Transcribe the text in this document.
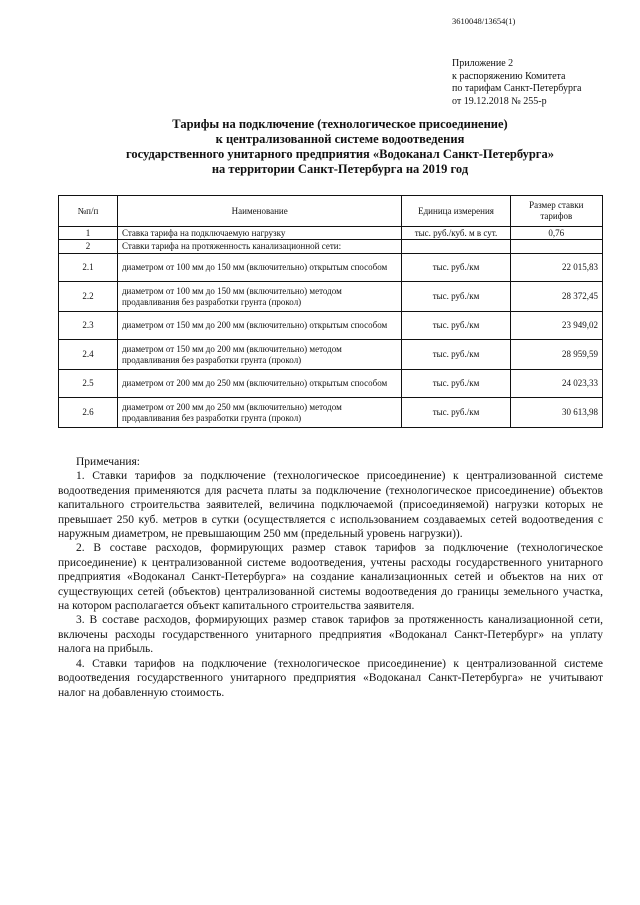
3610048/13654(1)
Приложение 2
к распоряжению Комитета
по тарифам Санкт-Петербурга
от 19.12.2018 № 255-р
Тарифы на подключение (технологическое присоединение)
к централизованной системе водоотведения
государственного унитарного предприятия «Водоканал Санкт-Петербурга»
на территории Санкт-Петербурга на 2019 год
№п/п	Наименование	Единица измерения	Размер ставки тарифов
1	Ставка тарифа на подключаемую нагрузку	тыс. руб./куб. м в сут.	0,76
2	Ставки тарифа на протяженность канализационной сети:		
2.1	диаметром от 100 мм до 150 мм (включительно) открытым способом	тыс. руб./км	22 015,83
2.2	диаметром от 100 мм до 150 мм (включительно) методом продавливания без разработки грунта (прокол)	тыс. руб./км	28 372,45
2.3	диаметром от 150 мм до 200 мм (включительно) открытым способом	тыс. руб./км	23 949,02
2.4	диаметром от 150 мм до 200 мм (включительно) методом продавливания без разработки грунта (прокол)	тыс. руб./км	28 959,59
2.5	диаметром от 200 мм до 250 мм (включительно) открытым способом	тыс. руб./км	24 023,33
2.6	диаметром от 200 мм до 250 мм (включительно) методом продавливания без разработки грунта (прокол)	тыс. руб./км	30 613,98

Примечания:

1. Ставки тарифов за подключение (технологическое присоединение) к централизованной системе водоотведения применяются для расчета платы за подключение (технологическое присоединение) объектов капитального строительства заявителей, величина подключаемой (присоединяемой) нагрузки которых не превышает 250 куб. метров в сутки (осуществляется с использованием создаваемых сетей водоотведения с наружным диаметром, не превышающим 250 мм (предельный уровень нагрузки)).

2. В составе расходов, формирующих размер ставок тарифов за подключение (технологическое присоединение) к централизованной системе водоотведения, учтены расходы государственного унитарного предприятия «Водоканал Санкт-Петербурга» на создание канализационных сетей и объектов на них от существующих сетей (объектов) централизованной системы водоотведения до границы земельного участка, на котором располагается объект капитального строительства заявителя.

3. В составе расходов, формирующих размер ставок тарифов за протяженность канализационной сети, включены расходы государственного унитарного предприятия «Водоканал Санкт-Петербург» на уплату налога на прибыль.

4. Ставки тарифов на подключение (технологическое присоединение) к централизованной системе водоотведения государственного унитарного предприятия «Водоканал Санкт-Петербурга» не учитывают налог на добавленную стоимость.
